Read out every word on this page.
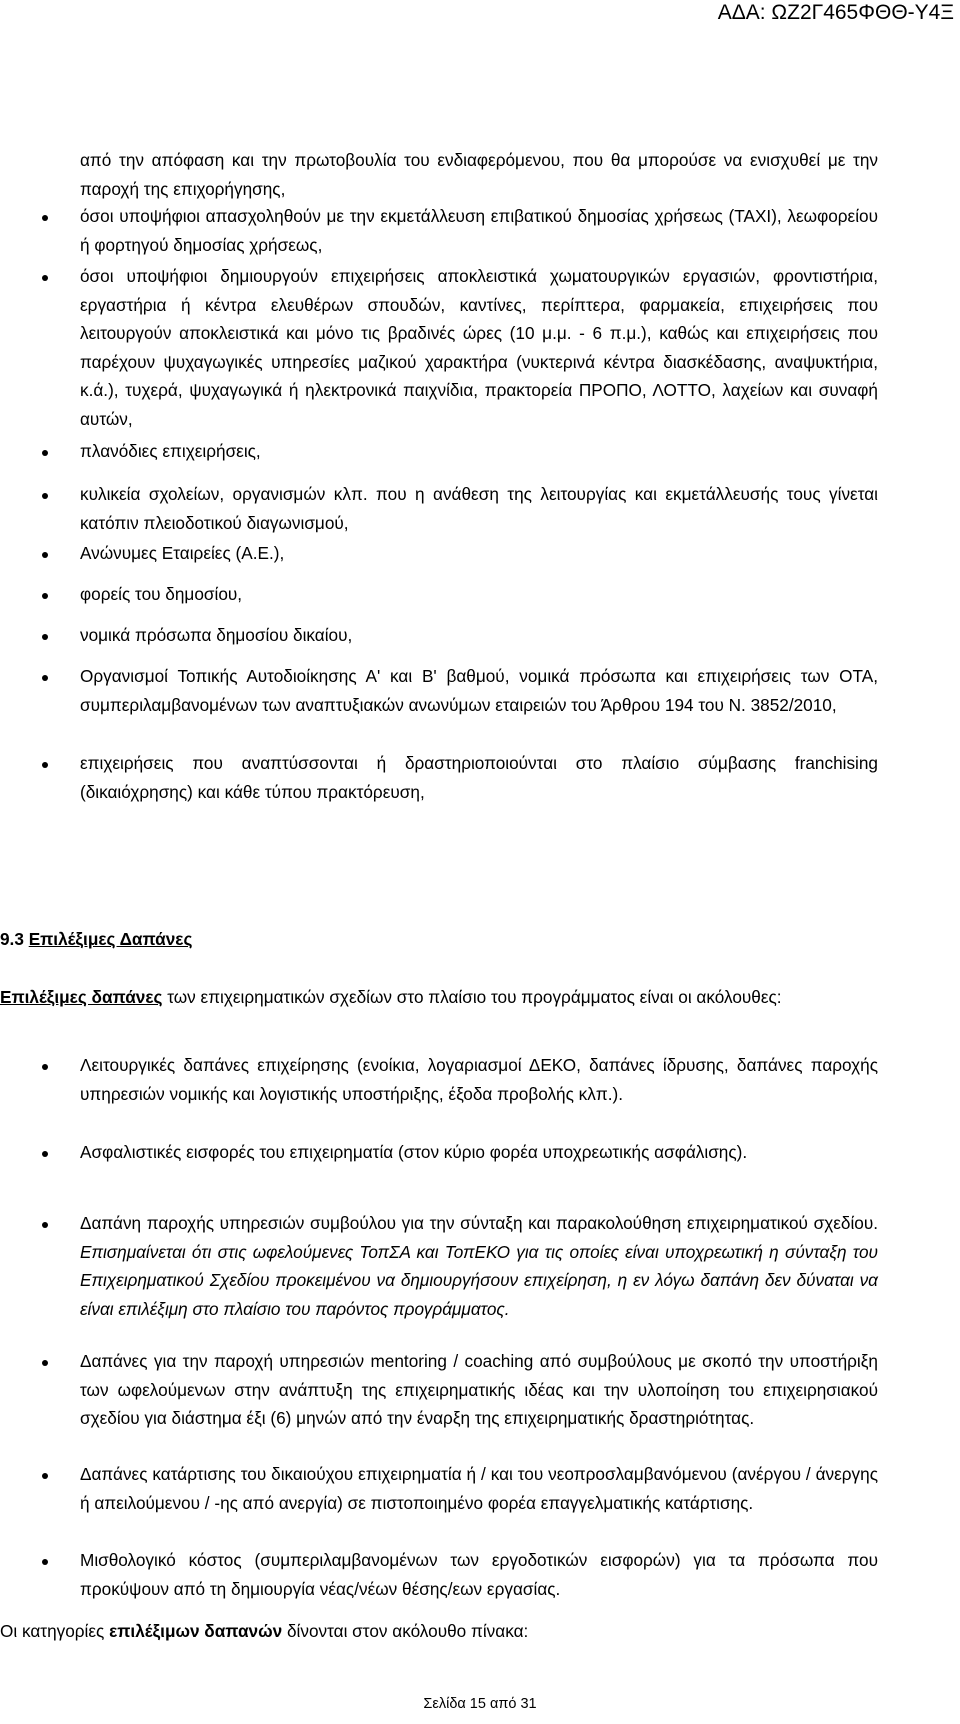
ΑΔΑ: ΩΖ2Γ465ΦΘΘ-Υ4Ξ

από την απόφαση και την πρωτοβουλία του ενδιαφερόμενου, που θα μπορούσε να ενισχυθεί με την παροχή της επιχορήγησης,

όσοι υποψήφιοι απασχοληθούν με την εκμετάλλευση επιβατικού δημοσίας χρήσεως (ΤΑΧΙ), λεωφορείου ή φορτηγού δημοσίας χρήσεως,

όσοι υποψήφιοι δημιουργούν επιχειρήσεις αποκλειστικά χωματουργικών εργασιών, φροντιστήρια, εργαστήρια ή κέντρα ελευθέρων σπουδών, καντίνες, περίπτερα, φαρμακεία, επιχειρήσεις που λειτουργούν αποκλειστικά και μόνο τις βραδινές ώρες (10 μ.μ. - 6 π.μ.), καθώς και επιχειρήσεις που παρέχουν ψυχαγωγικές υπηρεσίες μαζικού χαρακτήρα (νυκτερινά κέντρα διασκέδασης, αναψυκτήρια, κ.ά.), τυχερά, ψυχαγωγικά ή ηλεκτρονικά παιχνίδια, πρακτορεία ΠΡΟΠΟ, ΛΟΤΤΟ, λαχείων και συναφή αυτών,

πλανόδιες επιχειρήσεις,

κυλικεία σχολείων, οργανισμών κλπ. που η ανάθεση της λειτουργίας και εκμετάλλευσής τους γίνεται κατόπιν πλειοδοτικού διαγωνισμού,

Ανώνυμες Εταιρείες (Α.Ε.),

φορείς του δημοσίου,

νομικά πρόσωπα δημοσίου δικαίου,

Οργανισμοί Τοπικής Αυτοδιοίκησης Α' και Β' βαθμού, νομικά πρόσωπα και επιχειρήσεις των ΟΤΑ, συμπεριλαμβανομένων των αναπτυξιακών ανωνύμων εταιρειών του Άρθρου 194 του Ν. 3852/2010,

επιχειρήσεις που αναπτύσσονται ή δραστηριοποιούνται στο πλαίσιο σύμβασης franchising (δικαιόχρησης) και κάθε τύπου πρακτόρευση,

9.3 Επιλέξιμες Δαπάνες

Επιλέξιμες δαπάνες των επιχειρηματικών σχεδίων στο πλαίσιο του προγράμματος είναι οι ακόλουθες:

Λειτουργικές δαπάνες επιχείρησης (ενοίκια, λογαριασμοί ΔΕΚΟ, δαπάνες ίδρυσης, δαπάνες παροχής υπηρεσιών νομικής και λογιστικής υποστήριξης, έξοδα προβολής κλπ.).

Ασφαλιστικές εισφορές του επιχειρηματία (στον κύριο φορέα υποχρεωτικής ασφάλισης).

Δαπάνη παροχής υπηρεσιών συμβούλου για την σύνταξη και παρακολούθηση επιχειρηματικού σχεδίου. Επισημαίνεται ότι στις ωφελούμενες ΤοπΣΑ και ΤοπΕΚΟ για τις οποίες είναι υποχρεωτική η σύνταξη του Επιχειρηματικού Σχεδίου προκειμένου να δημιουργήσουν επιχείρηση, η εν λόγω δαπάνη δεν δύναται να είναι επιλέξιμη στο πλαίσιο του παρόντος προγράμματος.

Δαπάνες για την παροχή υπηρεσιών mentoring / coaching από συμβούλους με σκοπό την υποστήριξη των ωφελούμενων στην ανάπτυξη της επιχειρηματικής ιδέας και την υλοποίηση του επιχειρησιακού σχεδίου για διάστημα έξι (6) μηνών από την έναρξη της επιχειρηματικής δραστηριότητας.

Δαπάνες κατάρτισης του δικαιούχου επιχειρηματία ή / και του νεοπροσλαμβανόμενου (ανέργου / άνεργης ή απειλούμενου / -ης από ανεργία) σε πιστοποιημένο φορέα επαγγελματικής κατάρτισης.

Μισθολογικό κόστος (συμπεριλαμβανομένων των εργοδοτικών εισφορών) για τα πρόσωπα που προκύψουν από τη δημιουργία νέας/νέων θέσης/εων εργασίας.

Οι κατηγορίες επιλέξιμων δαπανών δίνονται στον ακόλουθο πίνακα:

Σελίδα 15 από 31
